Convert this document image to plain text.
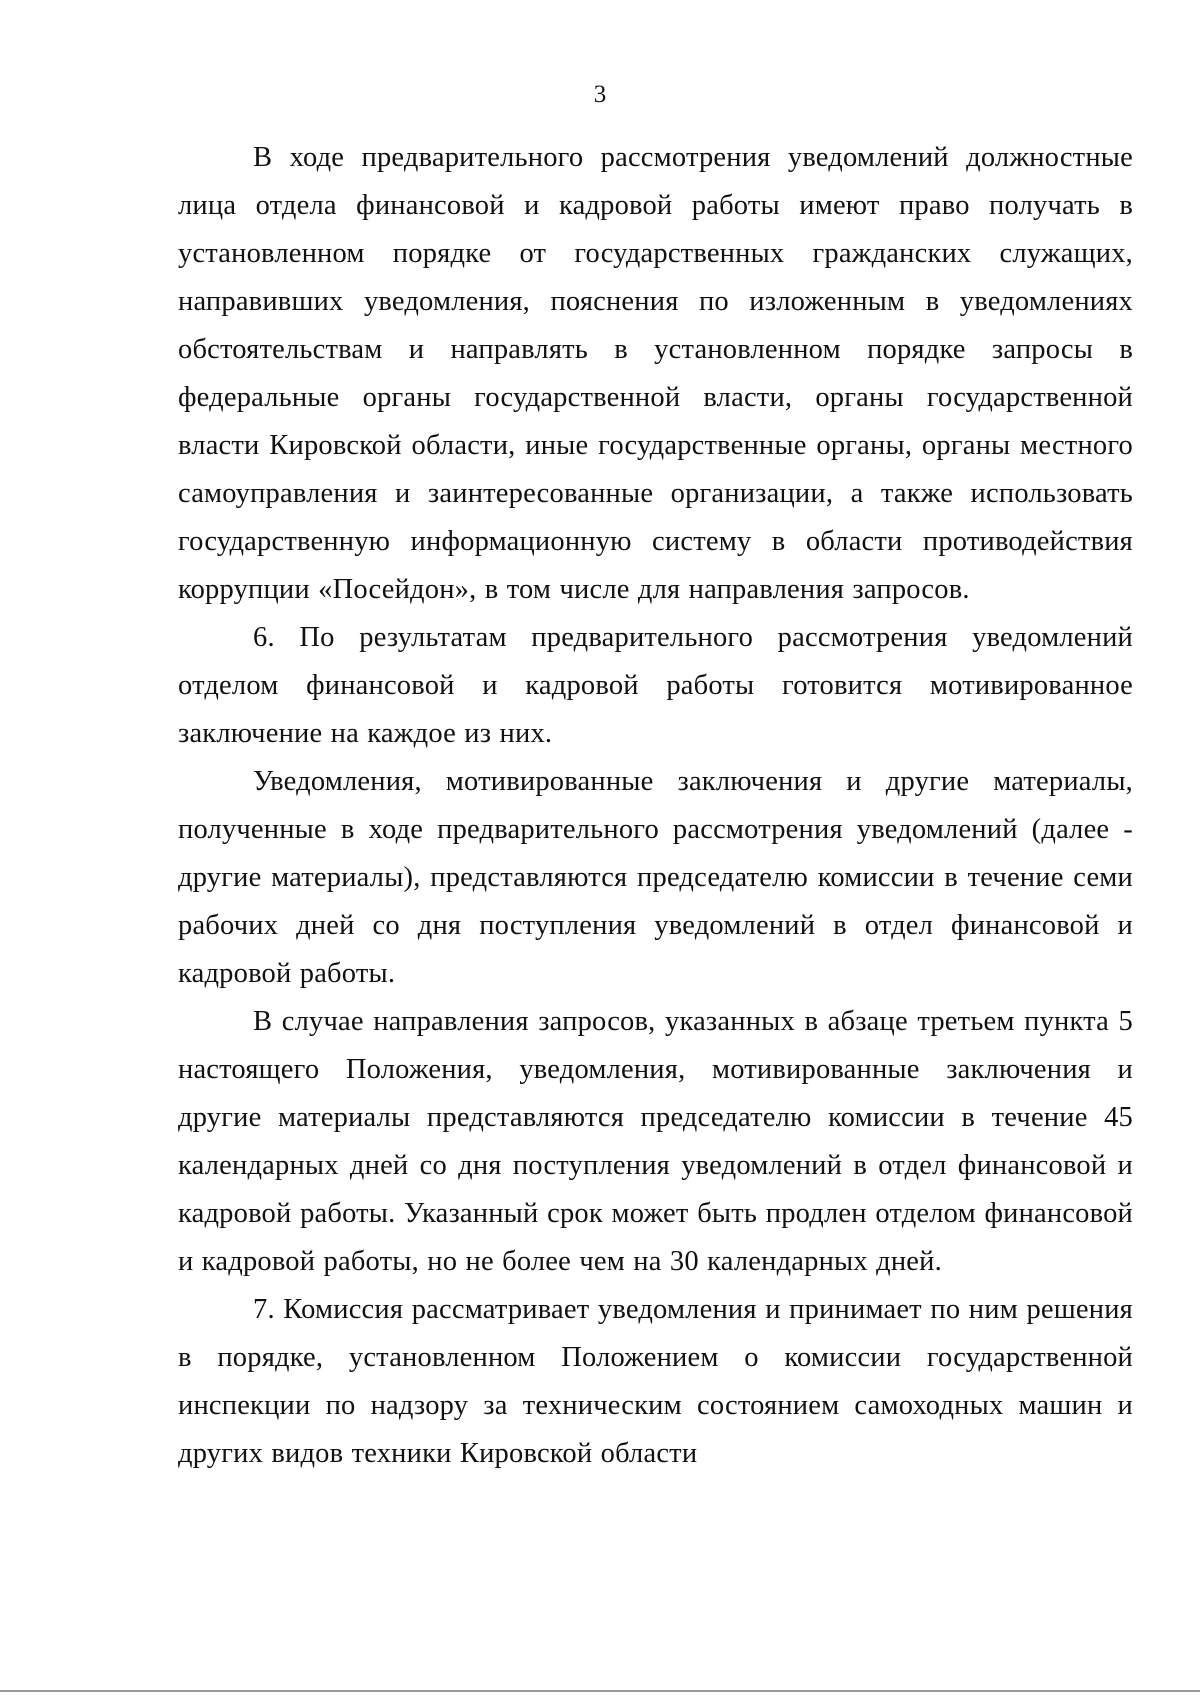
3

В ходе предварительного рассмотрения уведомлений должностные лица отдела финансовой и кадровой работы имеют право получать в установленном порядке от государственных гражданских служащих, направивших уведомления, пояснения по изложенным в уведомлениях обстоятельствам и направлять в установленном порядке запросы в федеральные органы государственной власти, органы государственной власти Кировской области, иные государственные органы, органы местного самоуправления и заинтересованные организации, а также использовать государственную информационную систему в области противодействия коррупции «Посейдон», в том числе для направления запросов.

6. По результатам предварительного рассмотрения уведомлений отделом финансовой и кадровой работы готовится мотивированное заключение на каждое из них.

Уведомления, мотивированные заключения и другие материалы, полученные в ходе предварительного рассмотрения уведомлений (далее - другие материалы), представляются председателю комиссии в течение семи рабочих дней со дня поступления уведомлений в отдел финансовой и кадровой работы.

В случае направления запросов, указанных в абзаце третьем пункта 5 настоящего Положения, уведомления, мотивированные заключения и другие материалы представляются председателю комиссии в течение 45 календарных дней со дня поступления уведомлений в отдел финансовой и кадровой работы. Указанный срок может быть продлен отделом финансовой и кадровой работы, но не более чем на 30 календарных дней.

7. Комиссия рассматривает уведомления и принимает по ним решения в порядке, установленном Положением о комиссии государственной инспекции по надзору за техническим состоянием самоходных машин и других видов техники Кировской области
